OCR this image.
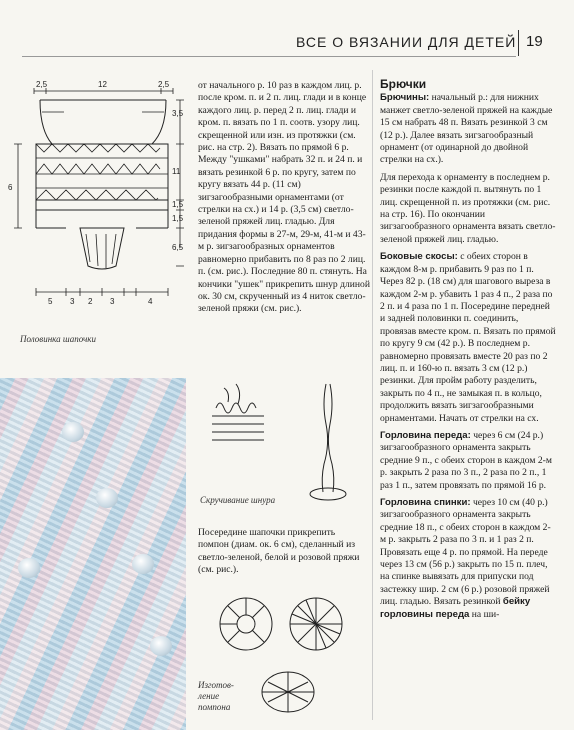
ВСЕ О ВЯЗАНИИ ДЛЯ ДЕТЕЙ 19
2,5	12	2,5
3,5
11
1,5
1,5
6,5
6
5 3 2 3	4
Половинка шапочки

от начального р. 10 раз в каждом лиц. р. после кром. п. и 2 п. лиц. глади и в конце каждого лиц. р. перед 2 п. лиц. глади и кром. п. вязать по 1 п. соотв. узору лиц. скрещенной или изн. из протяжки (см. рис. на стр. 2). Вязать по прямой 6 р. Между "ушками" набрать 32 п. и 24 п. и вязать резинкой 6 р. по кругу, затем по кругу вязать 44 р. (11 см) зигзагообразными орнаментами (от стрелки на сх.) и 14 р. (3,5 см) светло-зеленой пряжей лиц. гладью. Для придания формы в 27-м, 29-м, 41-м и 43-м р. зигзагообразных орнаментов равномерно прибавить по 8 раз по 2 лиц. п. (см. рис.). Последние 80 п. стянуть. На кончики "ушек" прикрепить шнур длиной ок. 30 см, скрученный из 4 ниток светло-зеленой пряжи (см. рис.).

Скручивание шнура

Посередине шапочки прикрепить помпон (диам. ок. 6 см), сделанный из светло-зеленой, белой и розовой пряжи (см. рис.).

Изготов-
ление
помпона
Брючки

Брючины: начальный р.: для нижних манжет светло-зеленой пряжей на каждые 15 см набрать 48 п. Вязать резинкой 3 см (12 р.). Далее вязать зигзагообразный орнамент (от одинарной до двойной стрелки на сх.).

Для перехода к орнаменту в последнем р. резинки после каждой п. вытянуть по 1 лиц. скрещенной п. из протяжки (см. рис. на стр. 16). По окончании зигзагообразного орнамента вязать светло-зеленой пряжей лиц. гладью.

Боковые скосы: с обеих сторон в каждом 8-м р. прибавить 9 раз по 1 п. Через 82 р. (18 см) для шагового выреза в каждом 2-м р. убавить 1 раз 4 п., 2 раза по 2 п. и 4 раза по 1 п. Посередине передней и задней половинки п. соединить, провязав вместе кром. п. Вязать по прямой по кругу 9 см (42 р.). В последнем р. равномерно провязать вместе 20 раз по 2 лиц. п. и 160-ю п. вязать 3 см (12 р.) резинки. Для пройм работу разделить, закрыть по 4 п., не замыкая п. в кольцо, продолжить вязать зигзагообразными орнаментами. Начать от стрелки на сх.

Горловина переда: через 6 см (24 р.) зигзагообразного орнамента закрыть средние 9 п., с обеих сторон в каждом 2-м р. закрыть 2 раза по 3 п., 2 раза по 2 п., 1 раз 1 п., затем провязать по прямой 16 р.

Горловина спинки: через 10 см (40 р.) зигзагообразного орнамента закрыть средние 18 п., с обеих сторон в каждом 2-м р. закрыть 2 раза по 3 п. и 1 раз 2 п. Провязать еще 4 р. по прямой. На переде через 13 см (56 р.) закрыть по 15 п. плеч, на спинке вывязать для припуски под застежку шир. 2 см (6 р.) розовой пряжей лиц. гладью. Вязать резинкой бейку горловины переда на ши-
